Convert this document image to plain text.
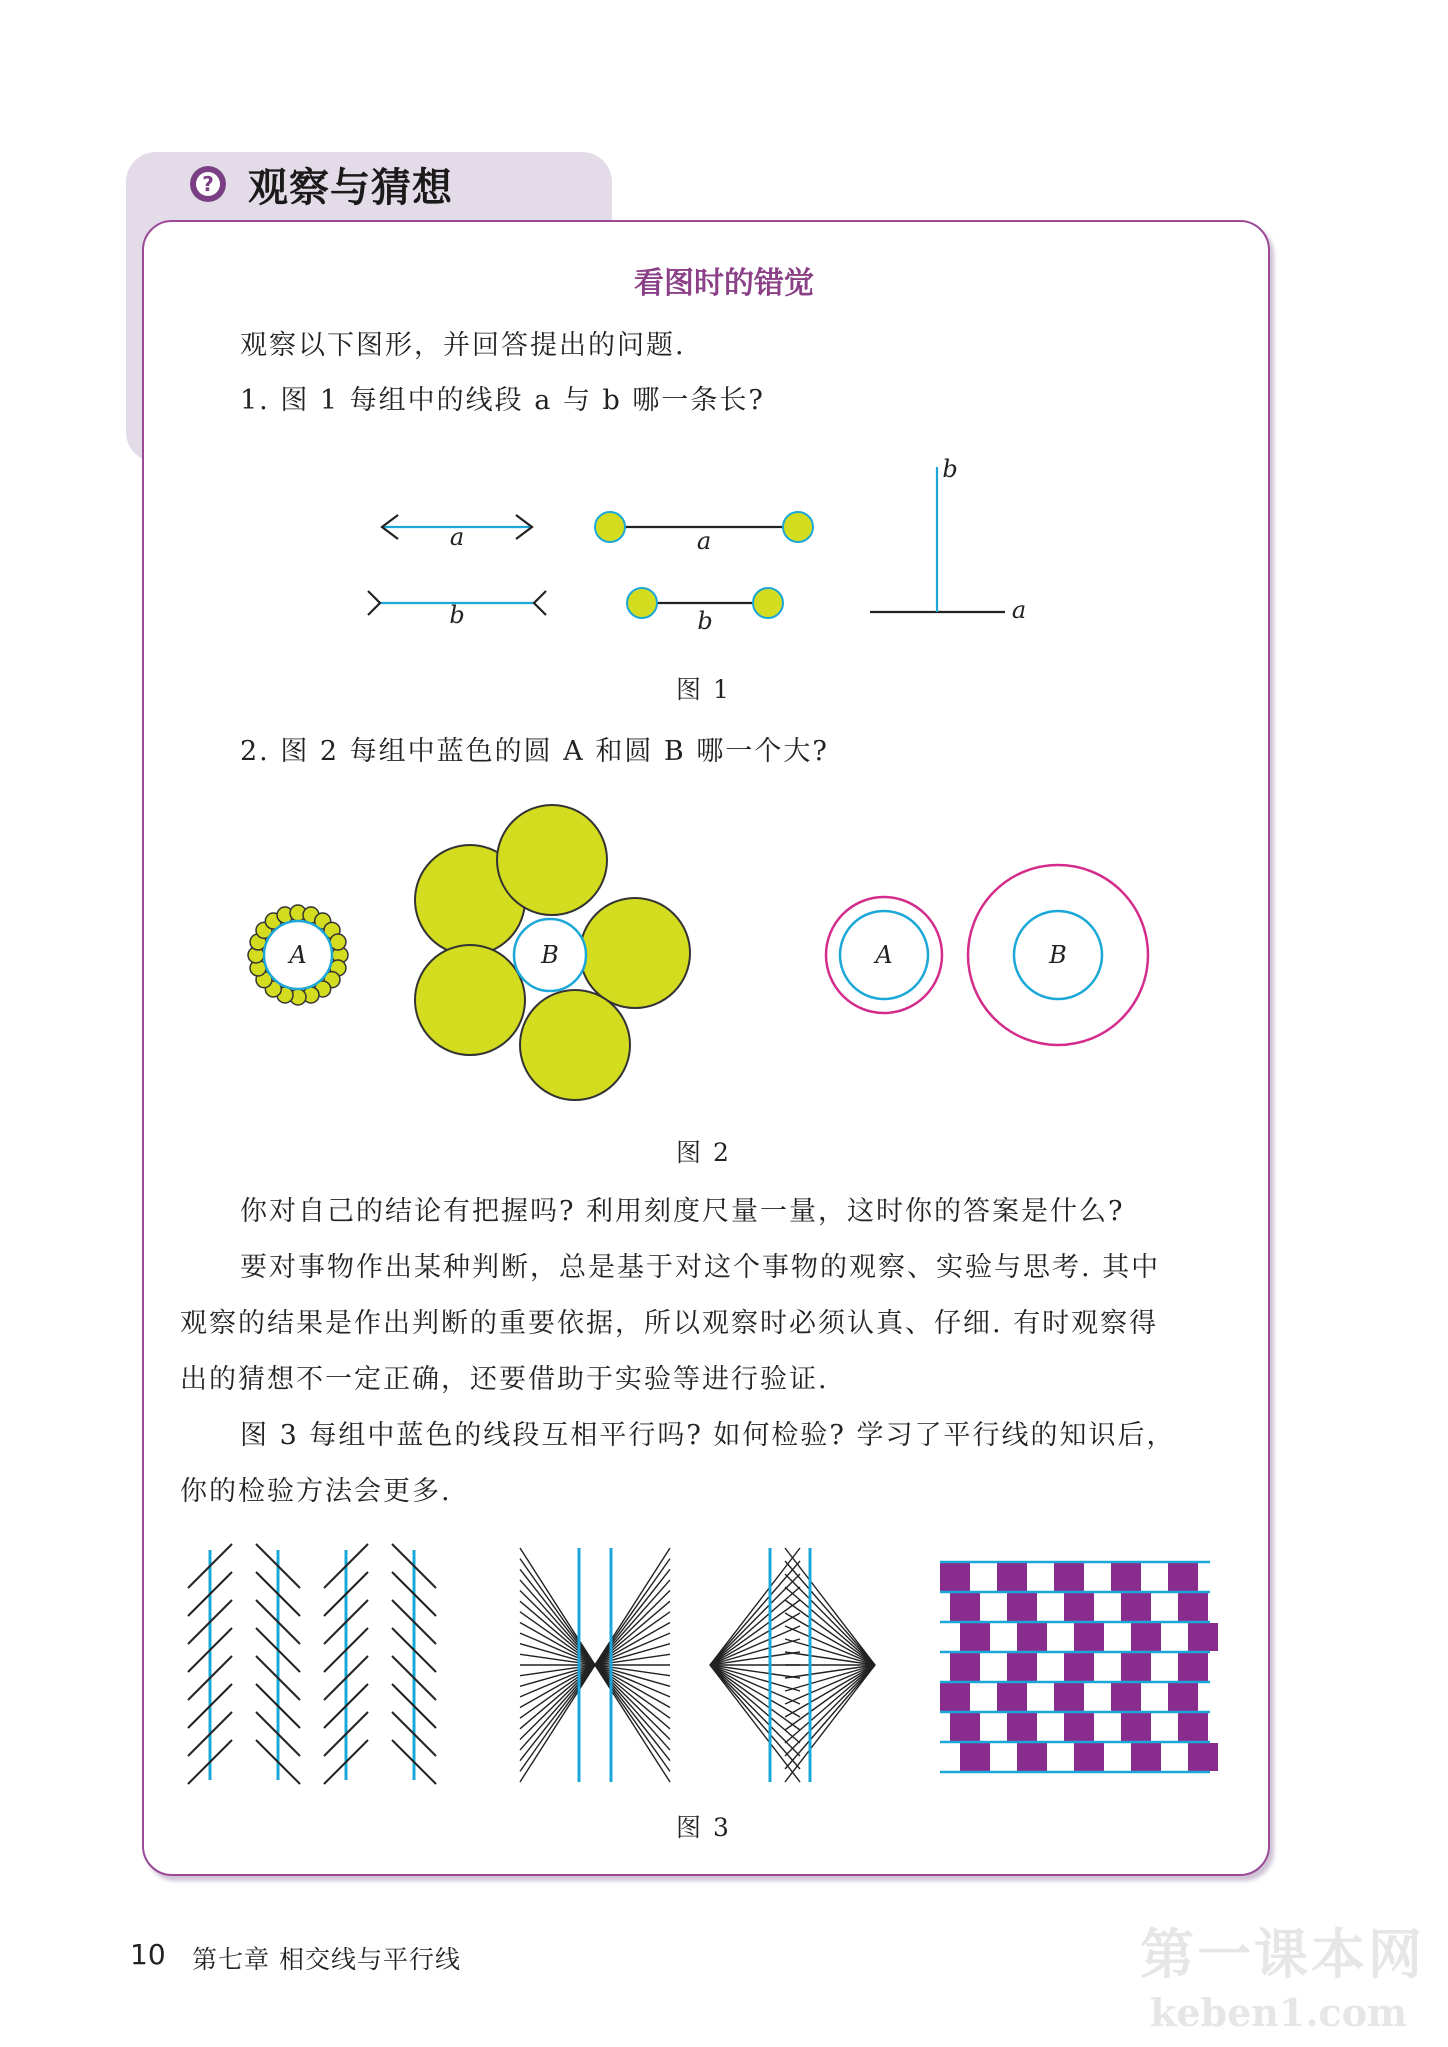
? 观察与猜想
看图时的错觉
观察以下图形，并回答提出的问题.
1. 图 1 每组中的线段 a 与 b 哪一条长?
a
b
a
b
b
a
图 1
2. 图 2 每组中蓝色的圆 A 和圆 B 哪一个大?
A	B	A	B
图 2
你对自己的结论有把握吗? 利用刻度尺量一量，这时你的答案是什么?
要对事物作出某种判断，总是基于对这个事物的观察、实验与思考. 其中
观察的结果是作出判断的重要依据，所以观察时必须认真、仔细. 有时观察得
出的猜想不一定正确，还要借助于实验等进行验证.
图 3 每组中蓝色的线段互相平行吗? 如何检验? 学习了平行线的知识后，
你的检验方法会更多.
图 3
10 第七章 相交线与平行线	第一课本网
keben1.com
